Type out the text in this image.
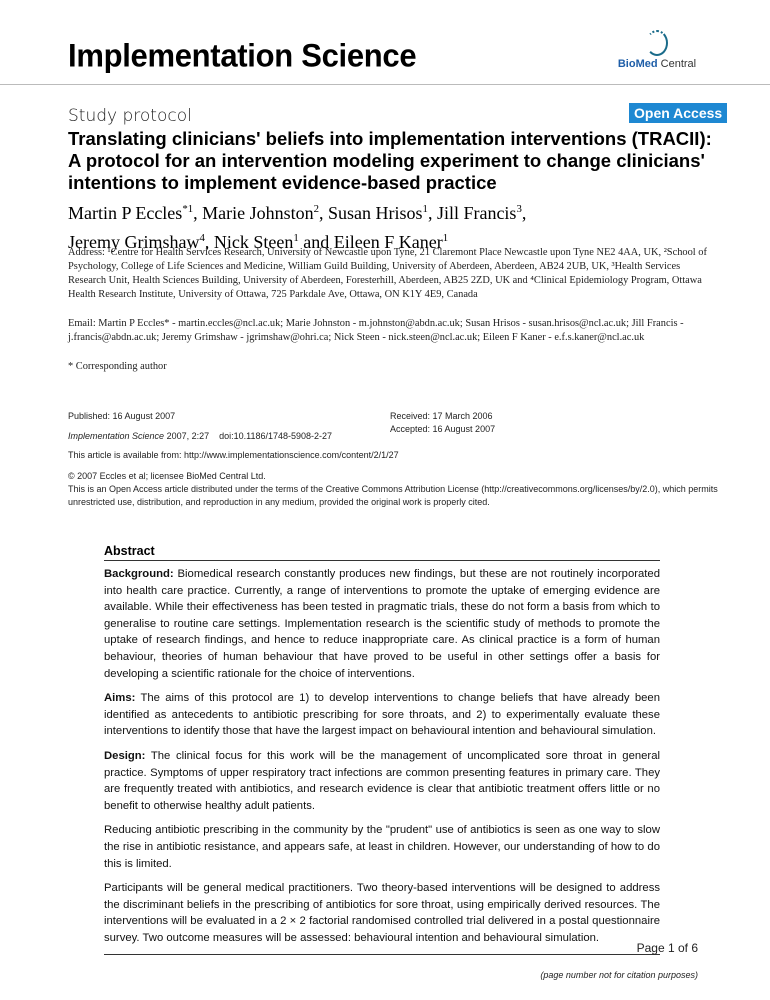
Implementation Science	BioMed Central
Study protocol	Open Access
Translating clinicians' beliefs into implementation interventions (TRACII): A protocol for an intervention modeling experiment to change clinicians' intentions to implement evidence-based practice
Martin P Eccles$^{*1}$, Marie Johnston$^2$, Susan Hrisos$^1$, Jill Francis$^3$,
Jeremy Grimshaw$^4$, Nick Steen$^1$ and Eileen F Kaner$^1$
Address: ¹Centre for Health Services Research, University of Newcastle upon Tyne, 21 Claremont Place Newcastle upon Tyne NE2 4AA, UK, ²School of Psychology, College of Life Sciences and Medicine, William Guild Building, University of Aberdeen, Aberdeen, AB24 2UB, UK, ³Health Services Research Unit, Health Sciences Building, University of Aberdeen, Foresterhill, Aberdeen, AB25 2ZD, UK and ⁴Clinical Epidemiology Program, Ottawa Health Research Institute, University of Ottawa, 725 Parkdale Ave, Ottawa, ON K1Y 4E9, Canada
Email: Martin P Eccles* - martin.eccles@ncl.ac.uk; Marie Johnston - m.johnston@abdn.ac.uk; Susan Hrisos - susan.hrisos@ncl.ac.uk; Jill Francis - j.francis@abdn.ac.uk; Jeremy Grimshaw - jgrimshaw@ohri.ca; Nick Steen - nick.steen@ncl.ac.uk; Eileen F Kaner - e.f.s.kaner@ncl.ac.uk
* Corresponding author
Published: 16 August 2007
Implementation Science 2007, 2:27    doi:10.1186/1748-5908-2-27
Received: 17 March 2006
Accepted: 16 August 2007
This article is available from: http://www.implementationscience.com/content/2/1/27
© 2007 Eccles et al; licensee BioMed Central Ltd.
This is an Open Access article distributed under the terms of the Creative Commons Attribution License (http://creativecommons.org/licenses/by/2.0), which permits unrestricted use, distribution, and reproduction in any medium, provided the original work is properly cited.
Abstract

Background: Biomedical research constantly produces new findings, but these are not routinely incorporated into health care practice. Currently, a range of interventions to promote the uptake of emerging evidence are available. While their effectiveness has been tested in pragmatic trials, these do not form a basis from which to generalise to routine care settings. Implementation research is the scientific study of methods to promote the uptake of research findings, and hence to reduce inappropriate care. As clinical practice is a form of human behaviour, theories of human behaviour that have proved to be useful in other settings offer a basis for developing a scientific rationale for the choice of interventions.

Aims: The aims of this protocol are 1) to develop interventions to change beliefs that have already been identified as antecedents to antibiotic prescribing for sore throats, and 2) to experimentally evaluate these interventions to identify those that have the largest impact on behavioural intention and behavioural simulation.

Design: The clinical focus for this work will be the management of uncomplicated sore throat in general practice. Symptoms of upper respiratory tract infections are common presenting features in primary care. They are frequently treated with antibiotics, and research evidence is clear that antibiotic treatment offers little or no benefit to otherwise healthy adult patients.

Reducing antibiotic prescribing in the community by the "prudent" use of antibiotics is seen as one way to slow the rise in antibiotic resistance, and appears safe, at least in children. However, our understanding of how to do this is limited.

Participants will be general medical practitioners. Two theory-based interventions will be designed to address the discriminant beliefs in the prescribing of antibiotics for sore throat, using empirically derived resources. The interventions will be evaluated in a 2 × 2 factorial randomised controlled trial delivered in a postal questionnaire survey. Two outcome measures will be assessed: behavioural intention and behavioural simulation.

Page 1 of 6
(page number not for citation purposes)
